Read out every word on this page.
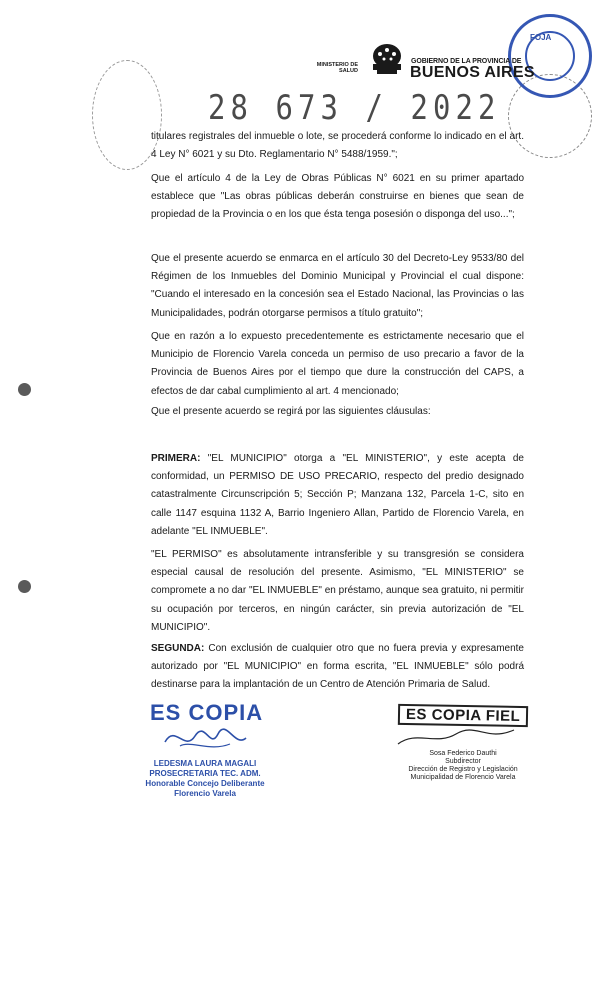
FOJA
MINISTERIO DE SALUD
GOBIERNO DE LA PROVINCIA DE
BUENOS AIRES
28 673 / 2022
titulares registrales del inmueble o lote, se procederá conforme lo indicado en el art. 4 Ley N° 6021 y su Dto. Reglamentario N° 5488/1959.";
Que el artículo 4 de la Ley de Obras Públicas N° 6021 en su primer apartado establece que "Las obras públicas deberán construirse en bienes que sean de propiedad de la Provincia o en los que ésta tenga posesión o disponga del uso...";
Que el presente acuerdo se enmarca en el artículo 30 del Decreto-Ley 9533/80 del Régimen de los Inmuebles del Dominio Municipal y Provincial el cual dispone: "Cuando el interesado en la concesión sea el Estado Nacional, las Provincias o las Municipalidades, podrán otorgarse permisos a título gratuito";
Que en razón a lo expuesto precedentemente es estrictamente necesario que el Municipio de Florencio Varela conceda un permiso de uso precario a favor de la Provincia de Buenos Aires por el tiempo que dure la construcción del CAPS, a efectos de dar cabal cumplimiento al art. 4 mencionado;
Que el presente acuerdo se regirá por las siguientes cláusulas:
PRIMERA: "EL MUNICIPIO" otorga a "EL MINISTERIO", y este acepta de conformidad, un PERMISO DE USO PRECARIO, respecto del predio designado catastralmente Circunscripción 5; Sección P; Manzana 132, Parcela 1-C, sito en calle 1147 esquina 1132 A, Barrio Ingeniero Allan, Partido de Florencio Varela, en adelante "EL INMUEBLE".
"EL PERMISO" es absolutamente intransferible y su transgresión se considera especial causal de resolución del presente. Asimismo, "EL MINISTERIO" se compromete a no dar "EL INMUEBLE" en préstamo, aunque sea gratuito, ni permitir su ocupación por terceros, en ningún carácter, sin previa autorización de "EL MUNICIPIO".
SEGUNDA: Con exclusión de cualquier otro que no fuera previa y expresamente autorizado por "EL MUNICIPIO" en forma escrita, "EL INMUEBLE" sólo podrá destinarse para la implantación de un Centro de Atención Primaria de Salud.
ES COPIA
LEDESMA LAURA MAGALI
PROSECRETARIA TEC. ADM.
Honorable Concejo Deliberante
Florencio Varela
ES COPIA FIEL
Sosa Federico Dauthi
Subdirector
Dirección de Registro y Legislación
Municipalidad de Florencio Varela
